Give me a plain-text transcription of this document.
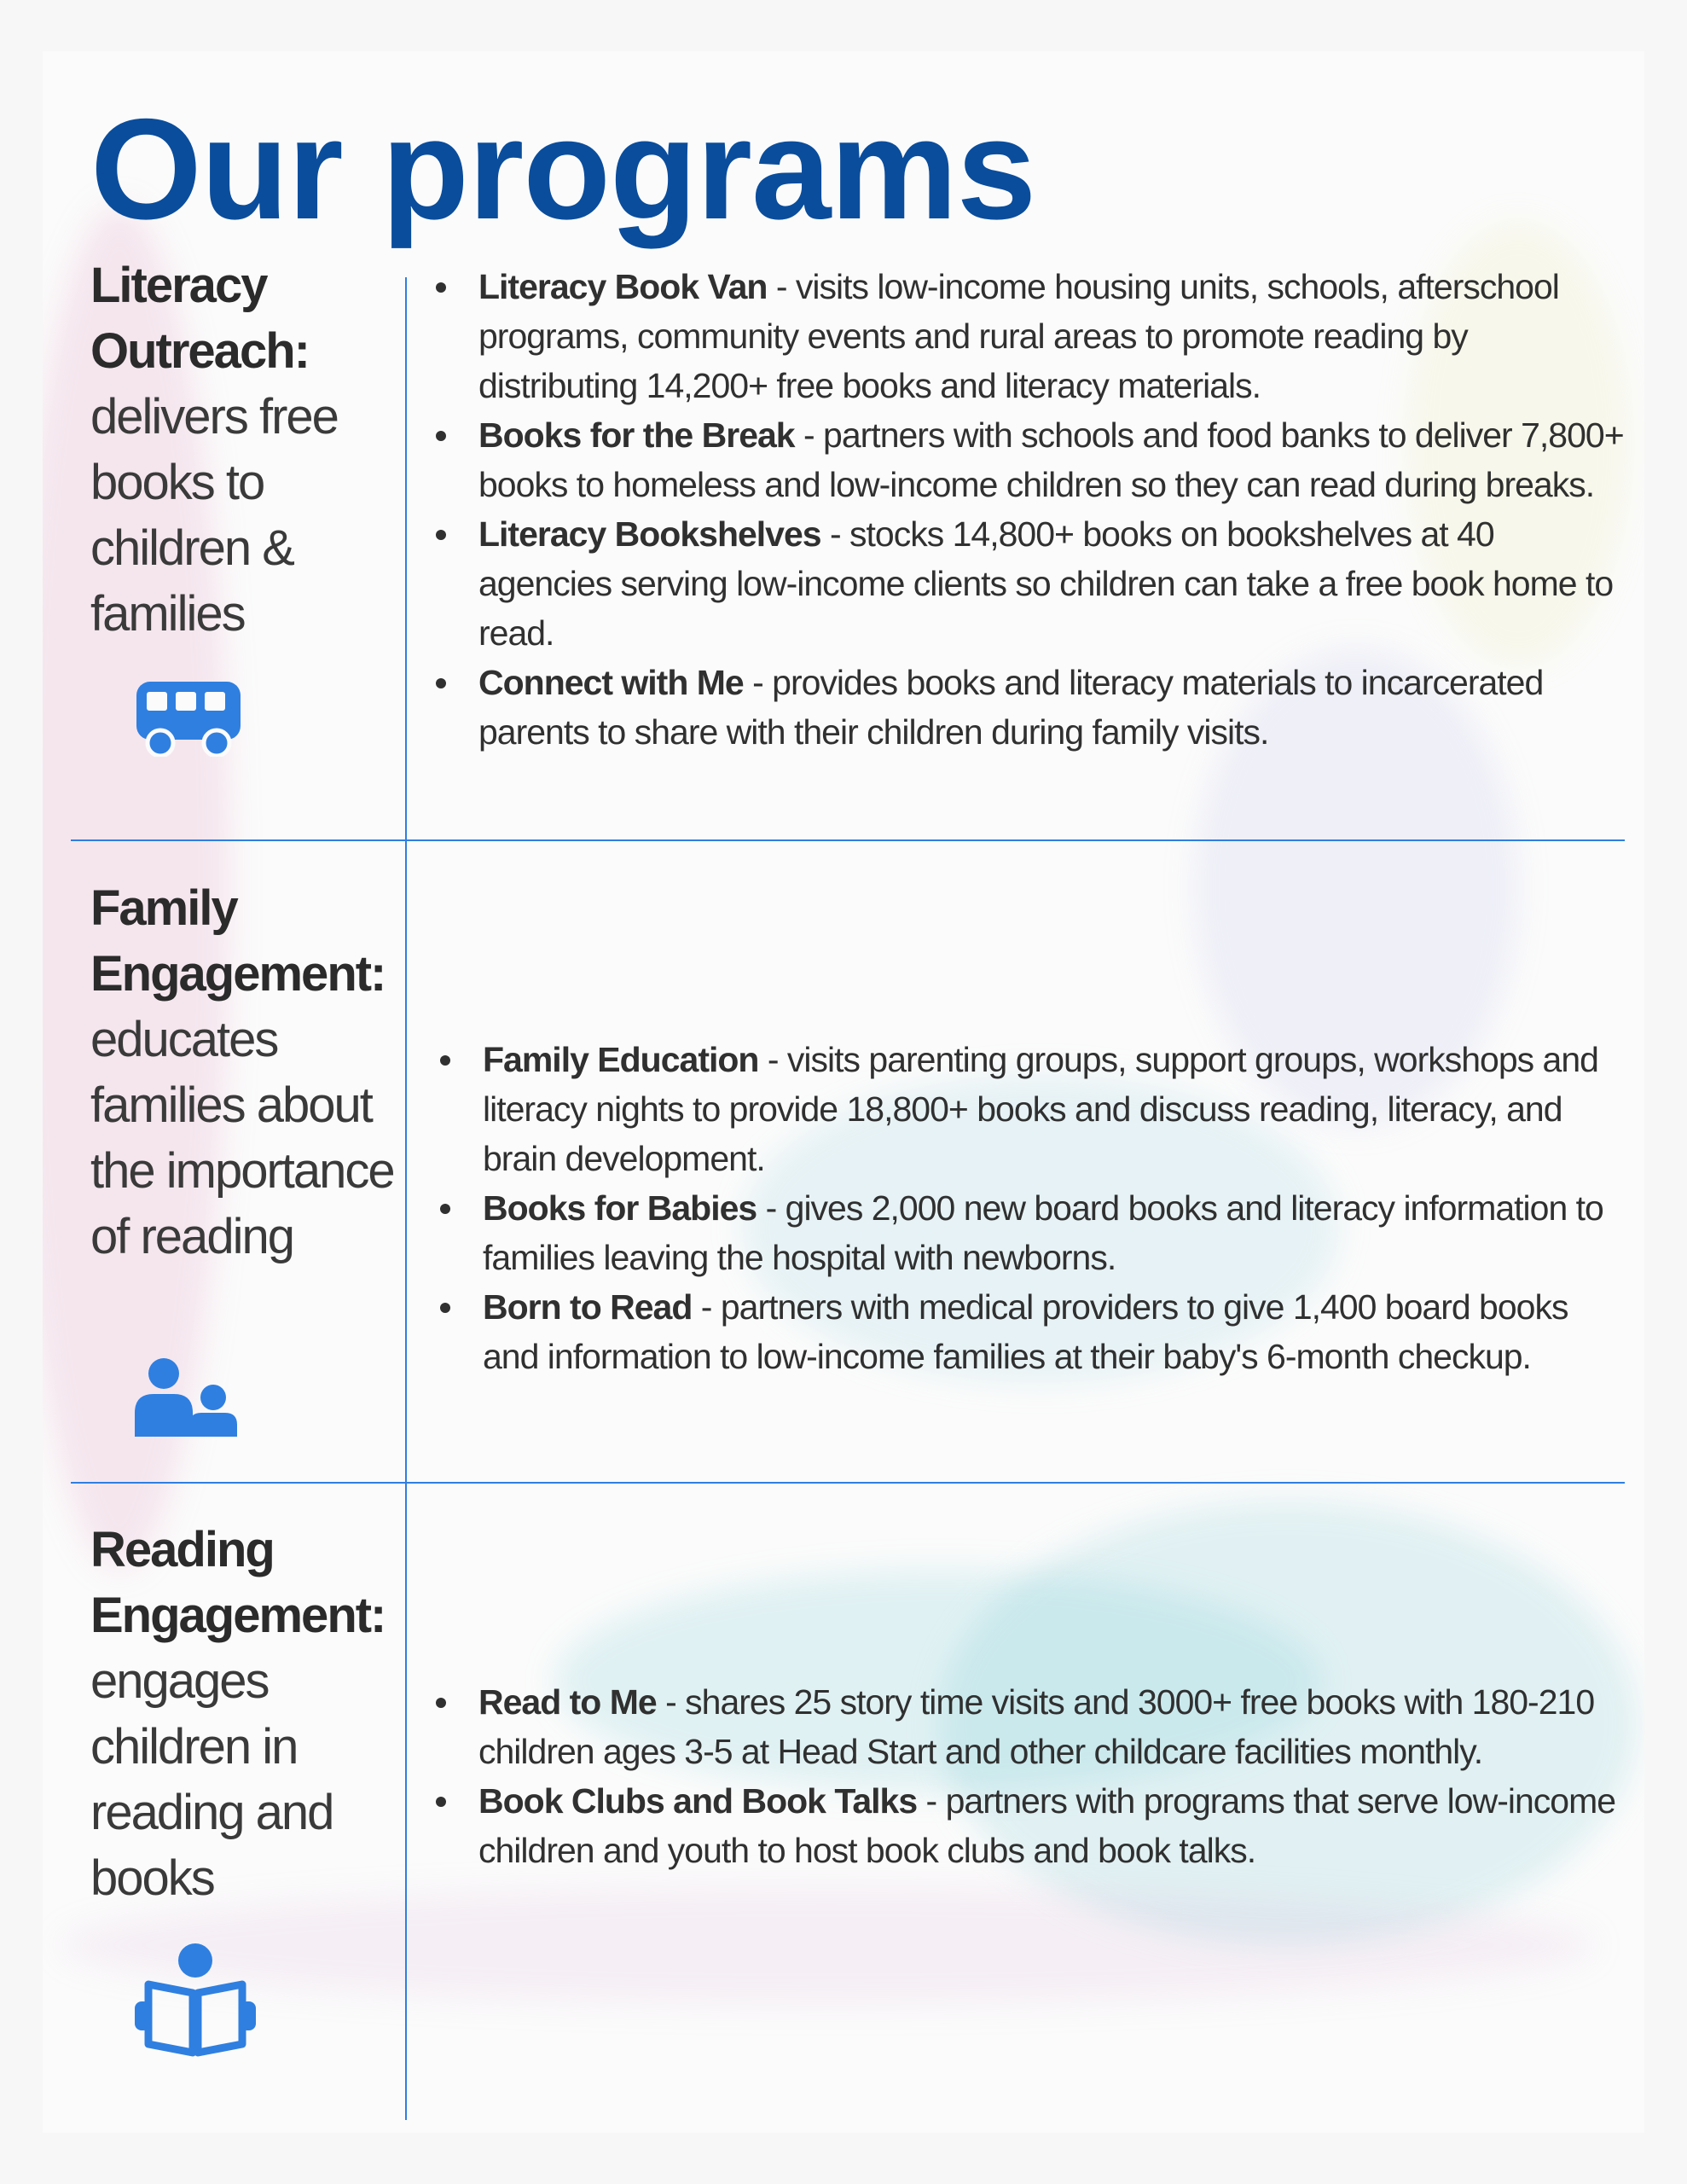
Our programs
Literacy Outreach:
delivers free books to children & families
Literacy Book Van - visits low-income housing units, schools, afterschool programs, community events and rural areas to promote reading by distributing 14,200+ free books and literacy materials.
Books for the Break - partners with schools and food banks to deliver 7,800+ books to homeless and low-income children so they can read during breaks.
Literacy Bookshelves - stocks 14,800+ books on bookshelves at 40 agencies serving low-income clients so children can take a free book home to read.
Connect with Me - provides books and literacy materials to incarcerated parents to share with their children during family visits.
Family Engagement:
educates families about the importance of reading
Family Education - visits parenting groups, support groups, workshops and literacy nights to provide 18,800+ books and discuss reading, literacy, and brain development.
Books for Babies - gives 2,000 new board books and literacy information to families leaving the hospital with newborns.
Born to Read - partners with medical providers to give 1,400 board books and information to low-income families at their baby's 6-month checkup.
Reading Engagement:
engages children in reading and books
Read to Me - shares 25 story time visits and 3000+ free books with 180-210 children ages 3-5 at Head Start and other childcare facilities monthly.
Book Clubs and Book Talks - partners with programs that serve low-income children and youth to host book clubs and book talks.
